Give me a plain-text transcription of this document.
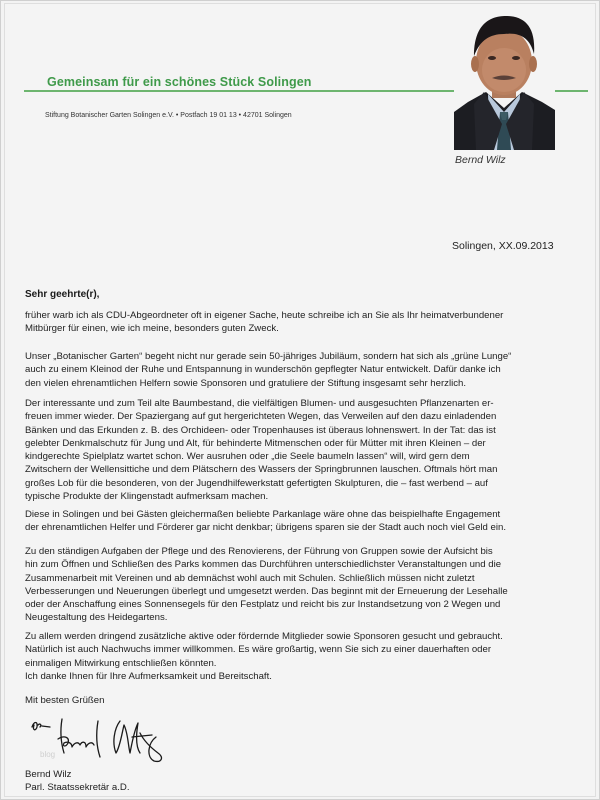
Gemeinsam für ein schönes Stück Solingen
Stiftung Botanischer Garten Solingen e.V. • Postfach 19 01 13 • 42701 Solingen
Bernd Wilz
Solingen, XX.09.2013
Sehr geehrte(r),
früher warb ich als CDU-Abgeordneter oft in eigener Sache, heute schreibe ich an Sie als Ihr heimatverbundener
Mitbürger für einen, wie ich meine, besonders guten Zweck.
Unser „Botanischer Garten“ begeht nicht nur gerade sein 50-jähriges Jubiläum, sondern hat sich als „grüne Lunge“
auch zu einem Kleinod der Ruhe und Entspannung in wunderschön gepflegter Natur entwickelt. Dafür danke ich
den vielen ehrenamtlichen Helfern sowie Sponsoren und gratuliere der Stiftung insgesamt sehr herzlich.
Der interessante und zum Teil alte Baumbestand, die vielfältigen Blumen- und ausgesuchten Pflanzenarten er-
freuen immer wieder. Der Spaziergang auf gut hergerichteten Wegen, das Verweilen auf den dazu einladenden
Bänken und das Erkunden z. B. des Orchideen- oder Tropenhauses ist überaus lohnenswert. In der Tat: das ist
gelebter Denkmalschutz für Jung und Alt, für behinderte Mitmenschen oder für Mütter mit ihren Kleinen – der
kindgerechte Spielplatz wartet schon. Wer ausruhen oder „die Seele baumeln lassen“ will, wird gern dem
Zwitschern der Wellensittiche und dem Plätschern des Wassers der Springbrunnen lauschen. Oftmals hört man
großes Lob für die besonderen, von der Jugendhilfewerkstatt gefertigten Skulpturen, die – fast werbend – auf
typische Produkte der Klingenstadt aufmerksam machen.
Diese in Solingen und bei Gästen gleichermaßen beliebte Parkanlage wäre ohne das beispielhafte Engagement
der ehrenamtlichen Helfer und Förderer gar nicht denkbar; übrigens sparen sie der Stadt auch noch viel Geld ein.
Zu den ständigen Aufgaben der Pflege und des Renovierens, der Führung von Gruppen sowie der Aufsicht bis
hin zum Öffnen und Schließen des Parks kommen das Durchführen unterschiedlichster Veranstaltungen und die
Zusammenarbeit mit Vereinen und ab demnächst wohl auch mit Schulen. Schließlich müssen nicht zuletzt
Verbesserungen und Neuerungen überlegt und umgesetzt werden. Das beginnt mit der Erneuerung der Lesehalle
oder der Anschaffung eines Sonnensegels für den Festplatz und reicht bis zur Instandsetzung von 2 Wegen und
Neugestaltung des Heidegartens.
Zu allem werden dringend zusätzliche aktive oder fördernde Mitglieder sowie Sponsoren gesucht und gebraucht.
Natürlich ist auch Nachwuchs immer willkommen. Es wäre großartig, wenn Sie sich zu einer dauerhaften oder
einmaligen Mitwirkung entschließen könnten.
Ich danke Ihnen für Ihre Aufmerksamkeit und Bereitschaft.
Mit besten Grüßen
blog
Bernd Wilz
Parl. Staatssekretär a.D.
